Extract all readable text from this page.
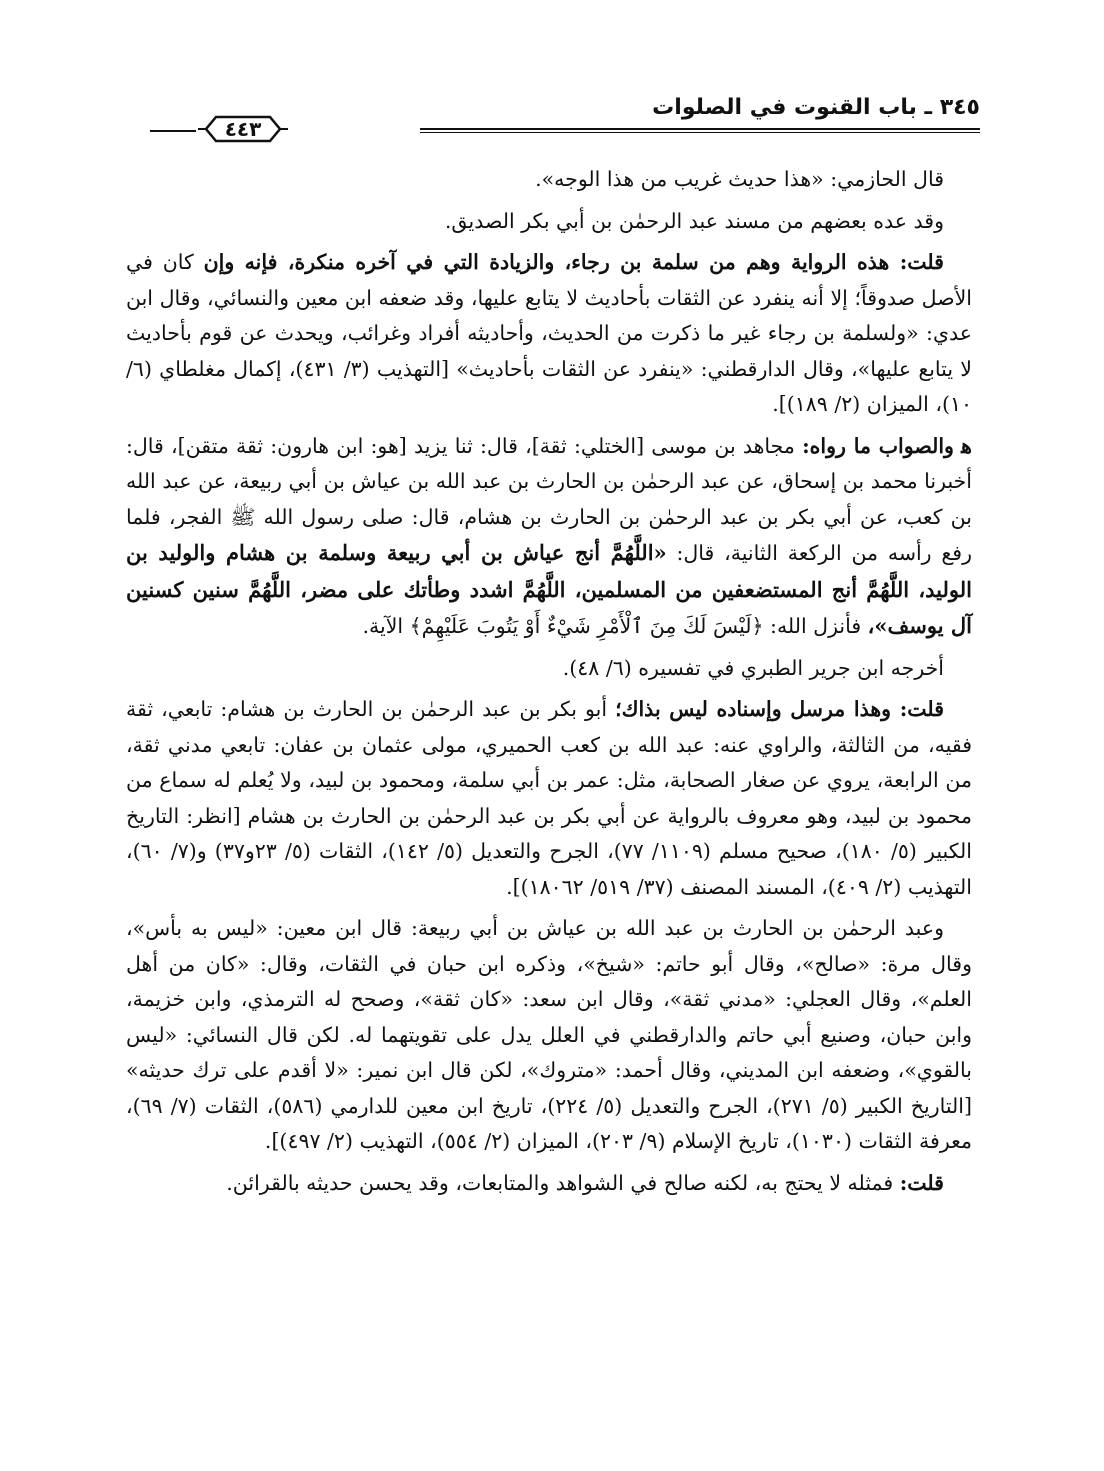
٣٤٥ ـ باب القنوت في الصلوات
٤٤٣

قال الحازمي: «هذا حديث غريب من هذا الوجه».

وقد عده بعضهم من مسند عبد الرحمٰن بن أبي بكر الصديق.

قلت: هذه الرواية وهم من سلمة بن رجاء، والزيادة التي في آخره منكرة، فإنه وإن كان في الأصل صدوقاً؛ إلا أنه ينفرد عن الثقات بأحاديث لا يتابع عليها، وقد ضعفه ابن معين والنسائي، وقال ابن عدي: «ولسلمة بن رجاء غير ما ذكرت من الحديث، وأحاديثه أفراد وغرائب، ويحدث عن قوم بأحاديث لا يتابع عليها»، وقال الدارقطني: «ينفرد عن الثقات بأحاديث» [التهذيب (٣/ ٤٣١)، إكمال مغلطاي (٦/ ١٠)، الميزان (٢/ ١٨٩)].

ﻫ والصواب ما رواه: مجاهد بن موسى [الختلي: ثقة]، قال: ثنا يزيد [هو: ابن هارون: ثقة متقن]، قال: أخبرنا محمد بن إسحاق، عن عبد الرحمٰن بن الحارث بن عبد الله بن عياش بن أبي ربيعة، عن عبد الله بن كعب، عن أبي بكر بن عبد الرحمٰن بن الحارث بن هشام، قال: صلى رسول الله ﷺ الفجر، فلما رفع رأسه من الركعة الثانية، قال: «اللَّهُمَّ أنج عياش بن أبي ربيعة وسلمة بن هشام والوليد بن الوليد، اللَّهُمَّ أنج المستضعفين من المسلمين، اللَّهُمَّ اشدد وطأتك على مضر، اللَّهُمَّ سنين كسنين آل يوسف»، فأنزل الله: ﴿لَيْسَ لَكَ مِنَ ٱلْأَمْرِ شَيْءٌ أَوْ يَتُوبَ عَلَيْهِمْ﴾ الآية.

أخرجه ابن جرير الطبري في تفسيره (٦/ ٤٨).

قلت: وهذا مرسل وإسناده ليس بذاك؛ أبو بكر بن عبد الرحمٰن بن الحارث بن هشام: تابعي، ثقة فقيه، من الثالثة، والراوي عنه: عبد الله بن كعب الحميري، مولى عثمان بن عفان: تابعي مدني ثقة، من الرابعة، يروي عن صغار الصحابة، مثل: عمر بن أبي سلمة، ومحمود بن لبيد، ولا يُعلم له سماع من محمود بن لبيد، وهو معروف بالرواية عن أبي بكر بن عبد الرحمٰن بن الحارث بن هشام [انظر: التاريخ الكبير (٥/ ١٨٠)، صحيح مسلم (١١٠٩/ ٧٧)، الجرح والتعديل (٥/ ١٤٢)، الثقات (٥/ ٢٣و٣٧) و(٧/ ٦٠)، التهذيب (٢/ ٤٠٩)، المسند المصنف (٣٧/ ٥١٩/ ١٨٠٦٢)].

وعبد الرحمٰن بن الحارث بن عبد الله بن عياش بن أبي ربيعة: قال ابن معين: «ليس به بأس»، وقال مرة: «صالح»، وقال أبو حاتم: «شيخ»، وذكره ابن حبان في الثقات، وقال: «كان من أهل العلم»، وقال العجلي: «مدني ثقة»، وقال ابن سعد: «كان ثقة»، وصحح له الترمذي، وابن خزيمة، وابن حبان، وصنيع أبي حاتم والدارقطني في العلل يدل على تقويتهما له. لكن قال النسائي: «ليس بالقوي»، وضعفه ابن المديني، وقال أحمد: «متروك»، لكن قال ابن نمير: «لا أقدم على ترك حديثه» [التاريخ الكبير (٥/ ٢٧١)، الجرح والتعديل (٥/ ٢٢٤)، تاريخ ابن معين للدارمي (٥٨٦)، الثقات (٧/ ٦٩)، معرفة الثقات (١٠٣٠)، تاريخ الإسلام (٩/ ٢٠٣)، الميزان (٢/ ٥٥٤)، التهذيب (٢/ ٤٩٧)].

قلت: فمثله لا يحتج به، لكنه صالح في الشواهد والمتابعات، وقد يحسن حديثه بالقرائن.
